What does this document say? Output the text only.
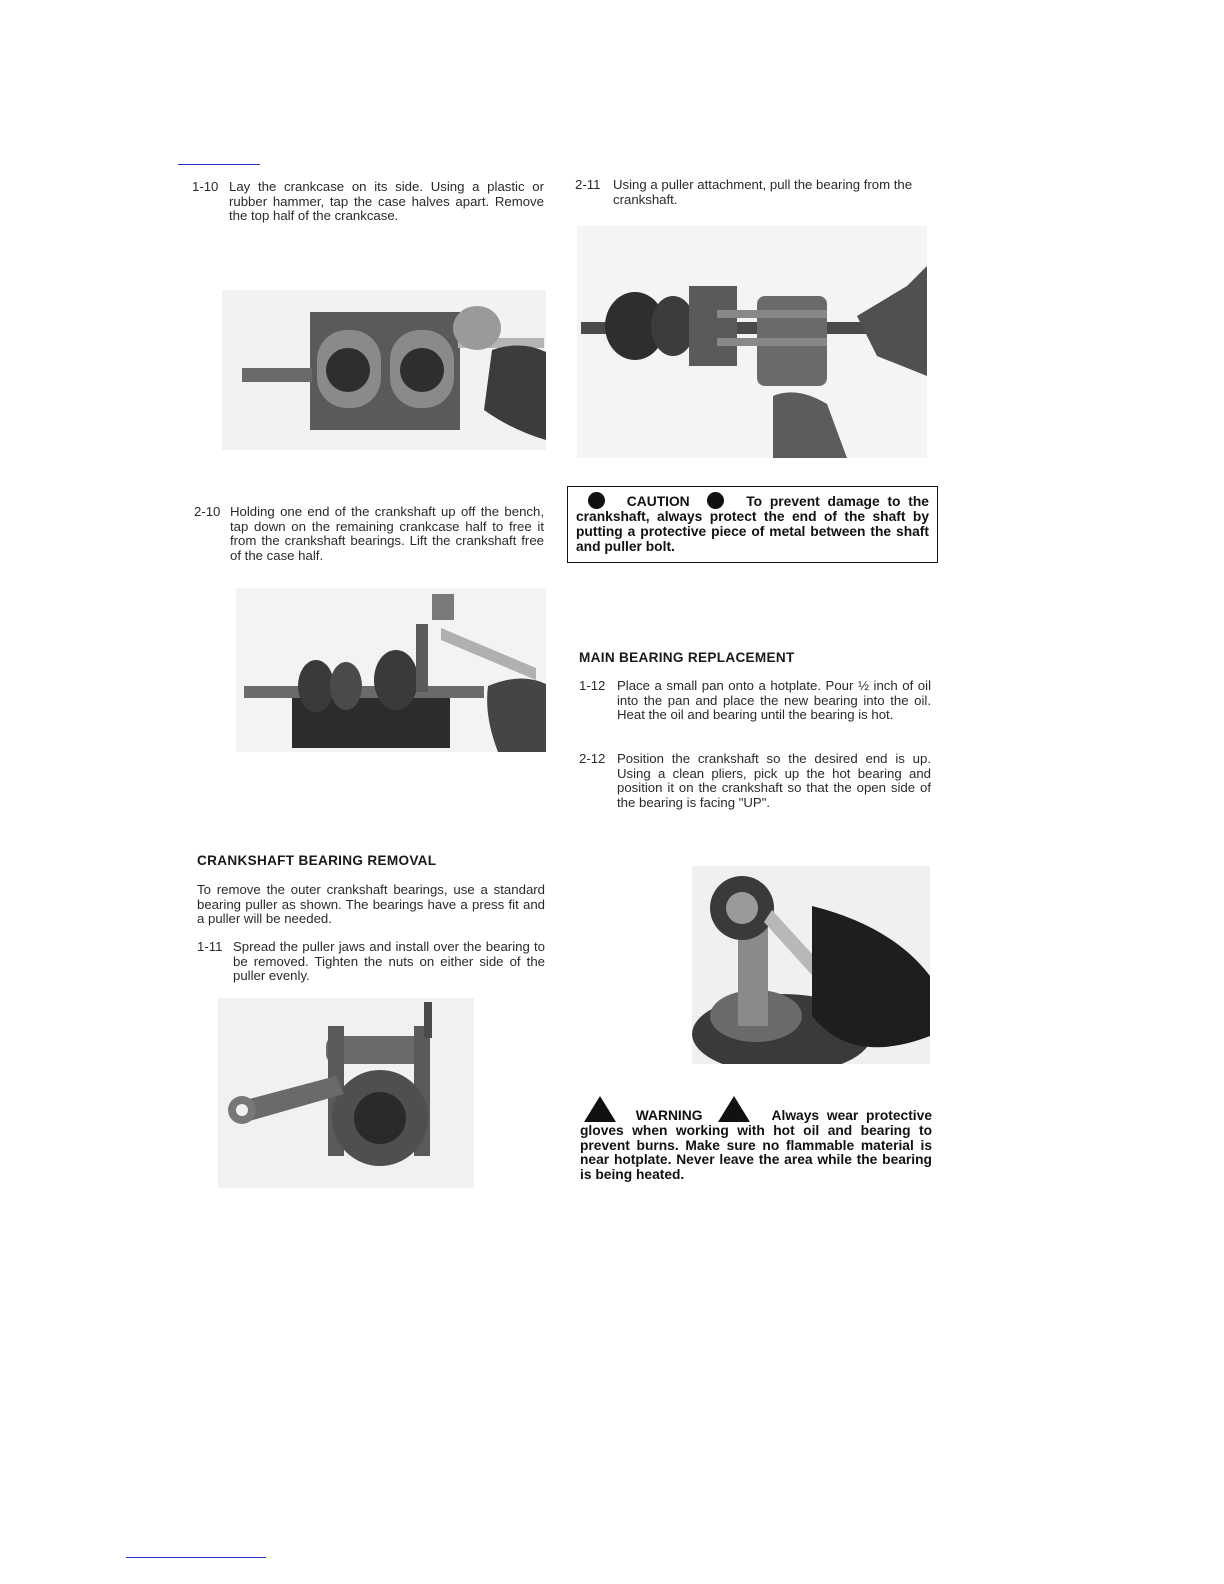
1-10 Lay the crankcase on its side. Using a plastic or rubber hammer, tap the case halves apart. Remove the top half of the crankcase.
2-10 Holding one end of the crankshaft up off the bench, tap down on the remaining crankcase half to free it from the crankshaft bearings. Lift the crankshaft free of the case half.
CRANKSHAFT BEARING REMOVAL
To remove the outer crankshaft bearings, use a standard bearing puller as shown. The bearings have a press fit and a puller will be needed.
1-11 Spread the puller jaws and install over the bearing to be removed. Tighten the nuts on either side of the puller evenly.
2-11 Using a puller attachment, pull the bearing from the crankshaft.
CAUTION	To prevent damage to the crankshaft, always protect the end of the shaft by putting a protective piece of metal between the shaft and puller bolt.
MAIN BEARING REPLACEMENT
1-12 Place a small pan onto a hotplate. Pour ½ inch of oil into the pan and place the new bearing into the oil. Heat the oil and bearing until the bearing is hot.
2-12 Position the crankshaft so the desired end is up. Using a clean pliers, pick up the hot bearing and position it on the crankshaft so that the open side of the bearing is facing "UP".
WARNING	Always wear protective gloves when working with hot oil and bearing to prevent burns. Make sure no flammable material is near hotplate. Never leave the area while the bearing is being heated.
